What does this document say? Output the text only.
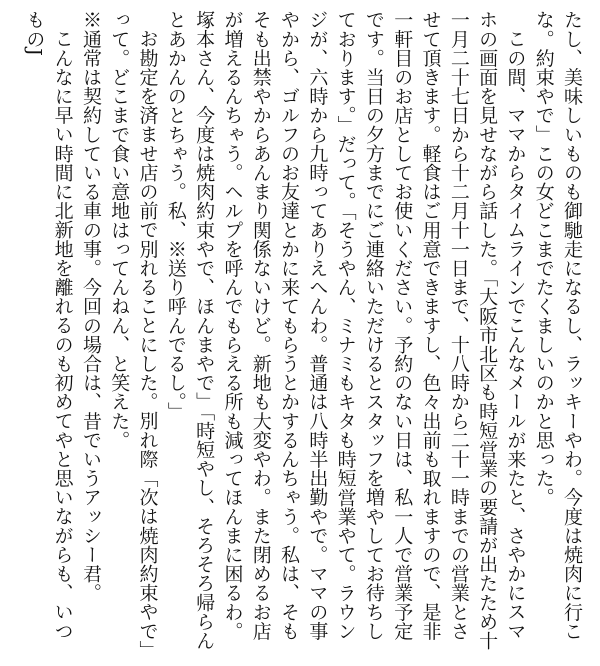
たし、美味しいものも御馳走になるし、ラッキーやわ。今度は焼肉に行こな。約束やで」この女どこまでたくましいのかと思った。

この間、ママからタイムラインでこんなメールが来たと、さやかにスマホの画面を見せながら話した。「大阪市北区も時短営業の要請が出たため十一月二十七日から十二月十一日まで、十八時から二十一時までの営業とさせて頂きます。軽食はご用意できますし、色々出前も取れますので、是非一軒目のお店としてお使いください。予約のない日は、私一人で営業予定です。当日の夕方までにご連絡いただけるとスタッフを増やしてお待ちしております。」だって。「そうやん、ミナミもキタも時短営業やて。ラウンジが、六時から九時ってありえへんわ。普通は八時半出勤やで。ママの事やから、ゴルフのお友達とかに来てもらうとかするんちゃう。私は、そもそも出禁やからあんまり関係ないけど。新地も大変やわ。また閉めるお店が増えるんちゃう。ヘルプを呼んでもらえる所も減ってほんまに困るわ。塚本さん、今度は焼肉約束やで、ほんまやで」「時短やし、そろそろ帰らんとあかんのとちゃう。私、※送り呼んでるし。」

お勘定を済ませ店の前で別れることにした。別れ際「次は焼肉約束やで」って。どこまで食い意地はってんねん、と笑えた。

※通常は契約している車の事。今回の場合は、昔でいうアッシー君。

こんなに早い時間に北新地を離れるのも初めてやと思いながらも、いつものJ
